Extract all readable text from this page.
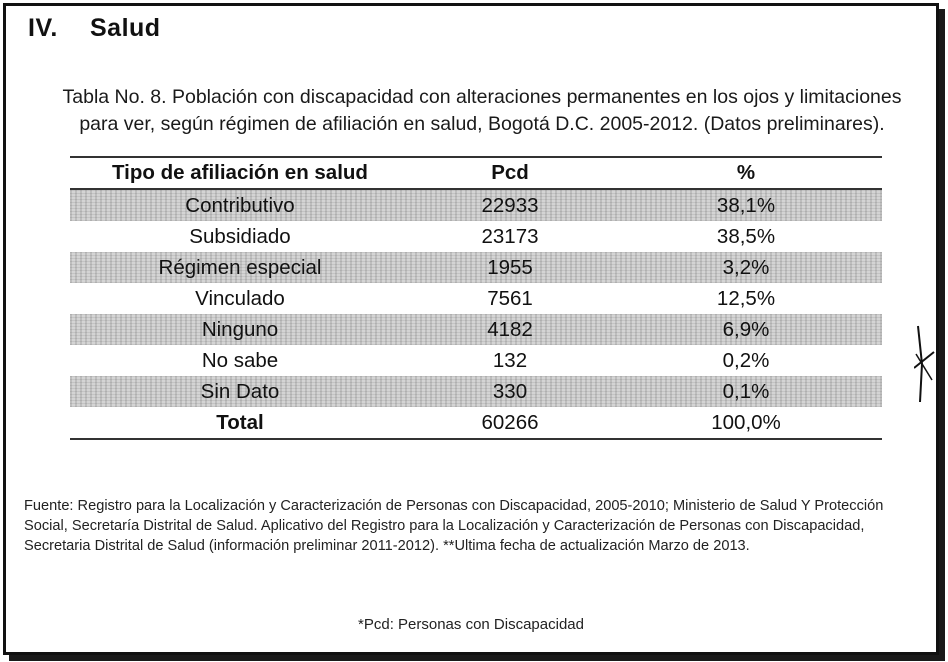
IV. Salud
Tabla No. 8. Población con discapacidad con alteraciones permanentes en los ojos y limitaciones para ver, según régimen de afiliación en salud, Bogotá D.C. 2005-2012. (Datos preliminares).
Tipo de afiliación en salud	Pcd	%
Contributivo	22933	38,1%
Subsidiado	23173	38,5%
Régimen especial	1955	3,2%
Vinculado	7561	12,5%
Ninguno	4182	6,9%
No sabe	132	0,2%
Sin Dato	330	0,1%
Total	60266	100,0%
Fuente: Registro para la Localización y Caracterización de Personas con Discapacidad, 2005-2010; Ministerio de Salud Y Protección Social, Secretaría Distrital de Salud. Aplicativo del Registro para la Localización y Caracterización de Personas con Discapacidad, Secretaria Distrital de Salud (información preliminar 2011-2012). **Ultima fecha de actualización Marzo de 2013.
*Pcd: Personas con Discapacidad
